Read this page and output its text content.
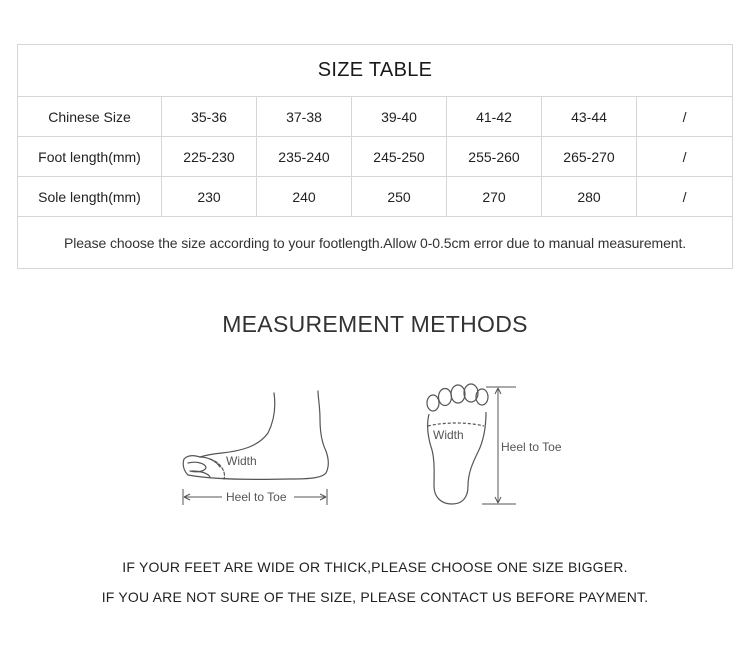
SIZE TABLE						
Chinese Size	35-36	37-38	39-40	41-42	43-44	/
Foot length(mm)	225-230	235-240	245-250	255-260	265-270	/
Sole length(mm)	230	240	250	270	280	/
Please choose the size according to your footlength.Allow 0-0.5cm error due to manual measurement.						
MEASUREMENT METHODS
Width
Heel to Toe
Width
Heel to Toe
IF YOUR FEET ARE WIDE OR THICK,PLEASE CHOOSE ONE SIZE BIGGER.
IF YOU ARE NOT SURE OF THE SIZE, PLEASE CONTACT US BEFORE PAYMENT.
